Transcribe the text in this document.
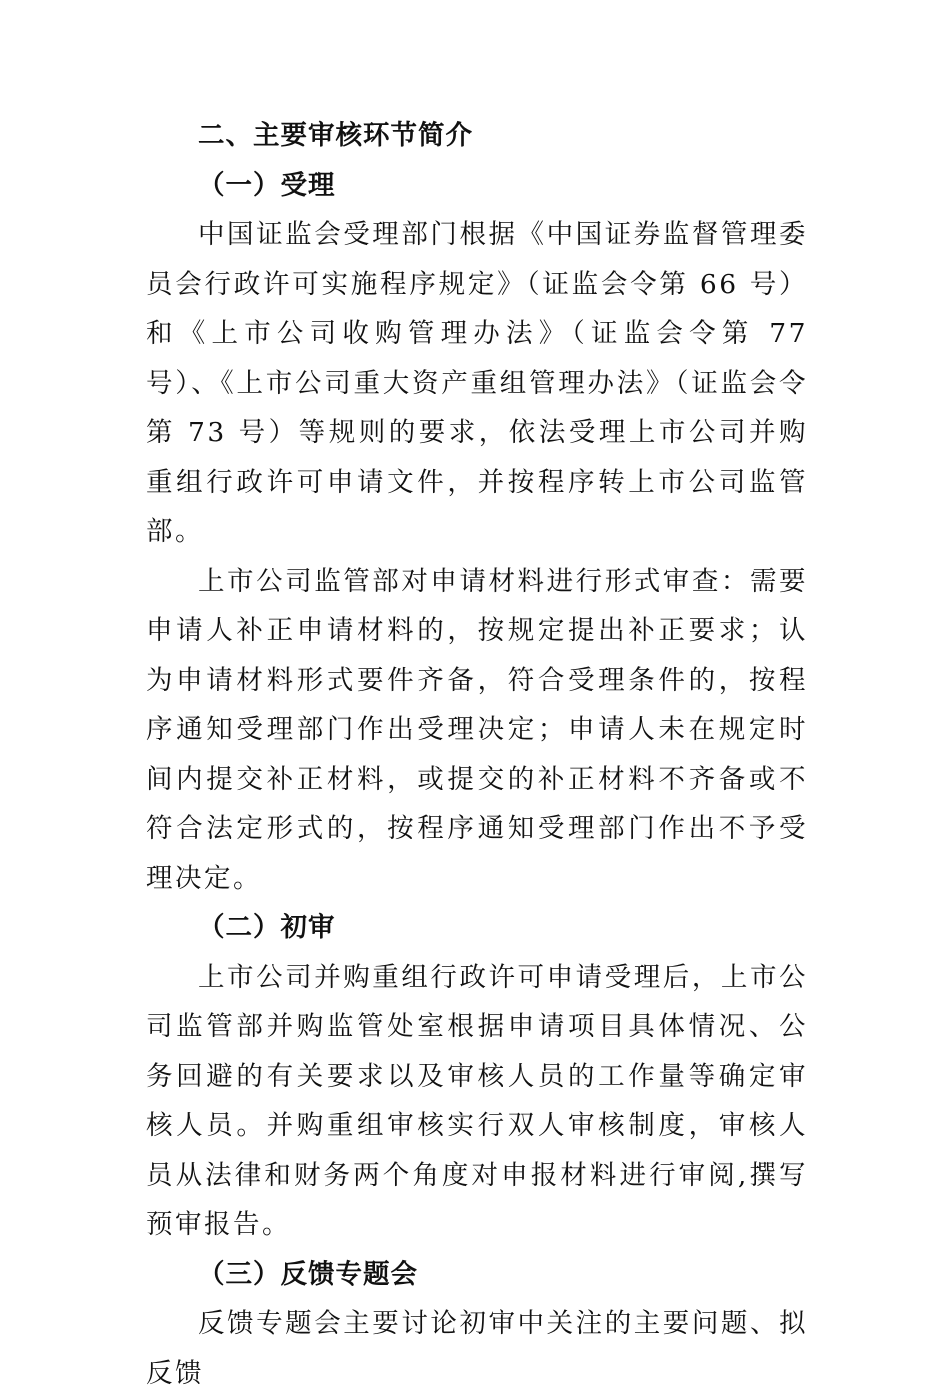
二、主要审核环节简介
（一）受理

中国证监会受理部门根据《中国证券监督管理委员会行政许可实施程序规定》（证监会令第 66 号）和《上市公司收购管理办法》（证监会令第 77 号）、《上市公司重大资产重组管理办法》（证监会令第 73 号）等规则的要求，依法受理上市公司并购重组行政许可申请文件，并按程序转上市公司监管部。

上市公司监管部对申请材料进行形式审查：需要申请人补正申请材料的，按规定提出补正要求；认为申请材料形式要件齐备，符合受理条件的，按程序通知受理部门作出受理决定；申请人未在规定时间内提交补正材料，或提交的补正材料不齐备或不符合法定形式的，按程序通知受理部门作出不予受理决定。

（二）初审

上市公司并购重组行政许可申请受理后，上市公司监管部并购监管处室根据申请项目具体情况、公务回避的有关要求以及审核人员的工作量等确定审核人员。并购重组审核实行双人审核制度，审核人员从法律和财务两个角度对申报材料进行审阅,撰写预审报告。

（三）反馈专题会

反馈专题会主要讨论初审中关注的主要问题、拟反馈
